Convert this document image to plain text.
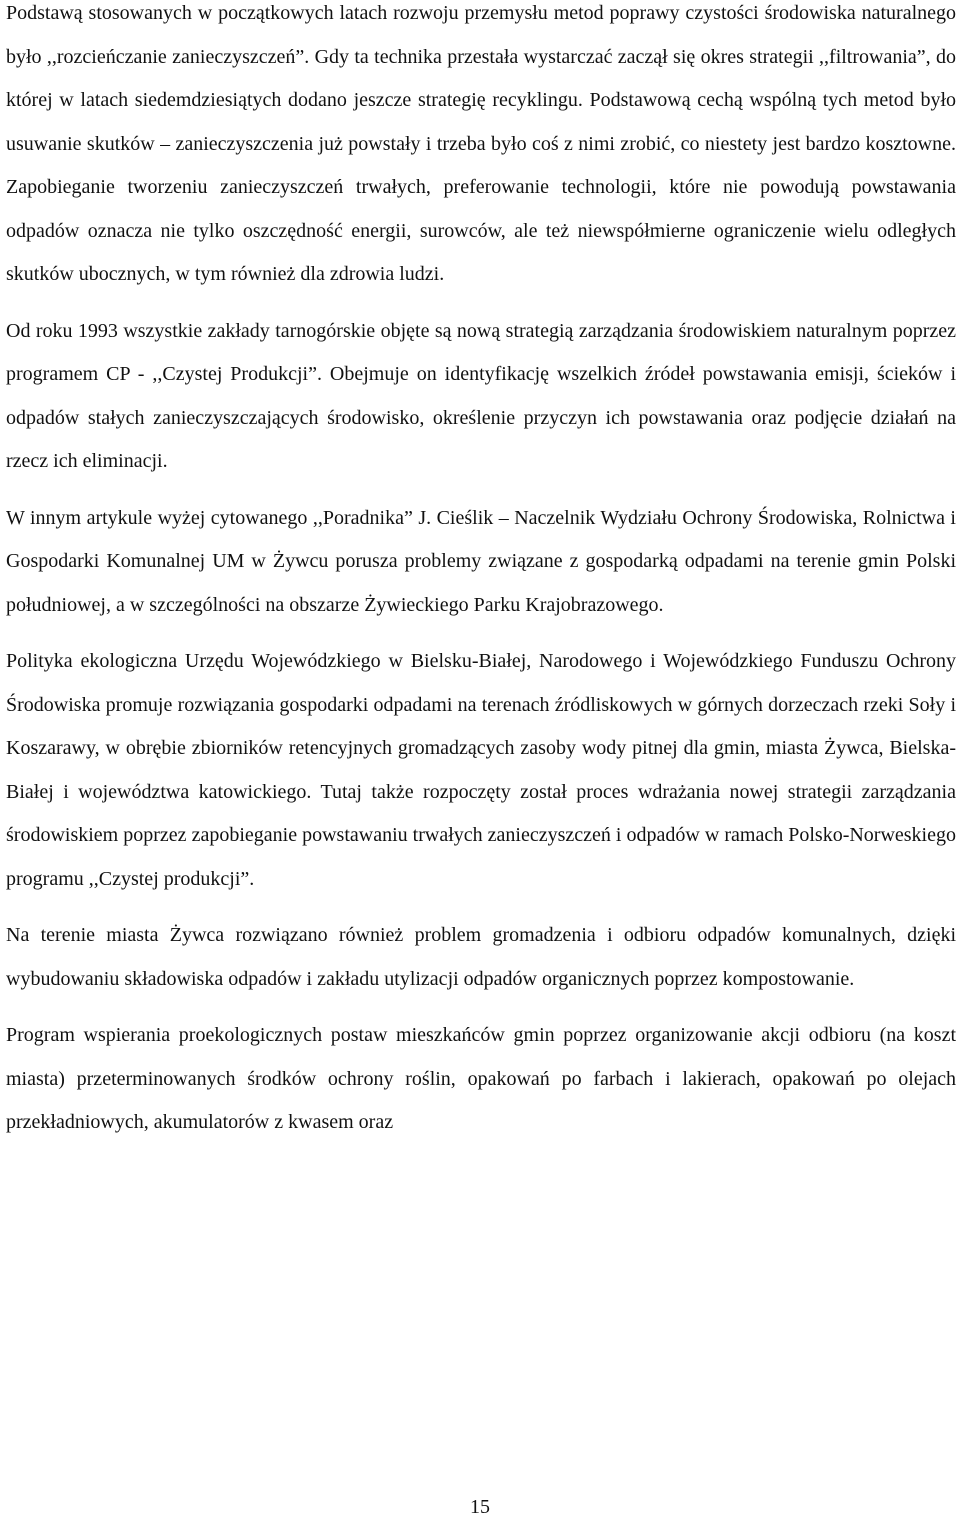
Podstawą stosowanych w początkowych latach rozwoju przemysłu metod poprawy czystości środowiska naturalnego było ,,rozcieńczanie zanieczyszczeń”. Gdy ta technika przestała wystarczać zaczął się okres strategii ,,filtrowania”, do której w latach siedemdziesiątych dodano jeszcze strategię recyklingu. Podstawową cechą wspólną tych metod było usuwanie skutków – zanieczyszczenia już powstały i trzeba było coś z nimi zrobić, co niestety jest bardzo kosztowne. Zapobieganie tworzeniu zanieczyszczeń trwałych, preferowanie technologii, które nie powodują powstawania odpadów oznacza nie tylko oszczędność energii, surowców, ale też niewspółmierne ograniczenie wielu odległych skutków ubocznych, w tym również dla zdrowia ludzi.

Od roku 1993 wszystkie zakłady tarnogórskie objęte są nową strategią zarządzania środowiskiem naturalnym poprzez programem CP - ,,Czystej Produkcji”. Obejmuje on identyfikację wszelkich źródeł powstawania emisji, ścieków i odpadów stałych zanieczyszczających środowisko, określenie przyczyn ich powstawania oraz podjęcie działań na rzecz ich eliminacji.

W innym artykule wyżej cytowanego ,,Poradnika” J. Cieślik – Naczelnik Wydziału Ochrony Środowiska, Rolnictwa i Gospodarki Komunalnej UM w Żywcu porusza problemy związane z gospodarką odpadami na terenie gmin Polski południowej, a w szczególności na obszarze Żywieckiego Parku Krajobrazowego.

Polityka ekologiczna Urzędu Wojewódzkiego w Bielsku-Białej, Narodowego i Wojewódzkiego Funduszu Ochrony Środowiska promuje rozwiązania gospodarki odpadami na terenach źródliskowych w górnych dorzeczach rzeki Soły i Koszarawy, w obrębie zbiorników retencyjnych gromadzących zasoby wody pitnej dla gmin, miasta Żywca, Bielska-Białej i województwa katowickiego. Tutaj także rozpoczęty został proces wdrażania nowej strategii zarządzania środowiskiem poprzez zapobieganie powstawaniu trwałych zanieczyszczeń i odpadów w ramach Polsko-Norweskiego programu ,,Czystej produkcji”.

Na terenie miasta Żywca rozwiązano również problem gromadzenia i odbioru odpadów komunalnych, dzięki wybudowaniu składowiska odpadów i zakładu utylizacji odpadów organicznych poprzez kompostowanie.

Program wspierania proekologicznych postaw mieszkańców gmin poprzez organizowanie akcji odbioru (na koszt miasta) przeterminowanych środków ochrony roślin, opakowań po farbach i lakierach, opakowań po olejach przekładniowych, akumulatorów z kwasem oraz

15
